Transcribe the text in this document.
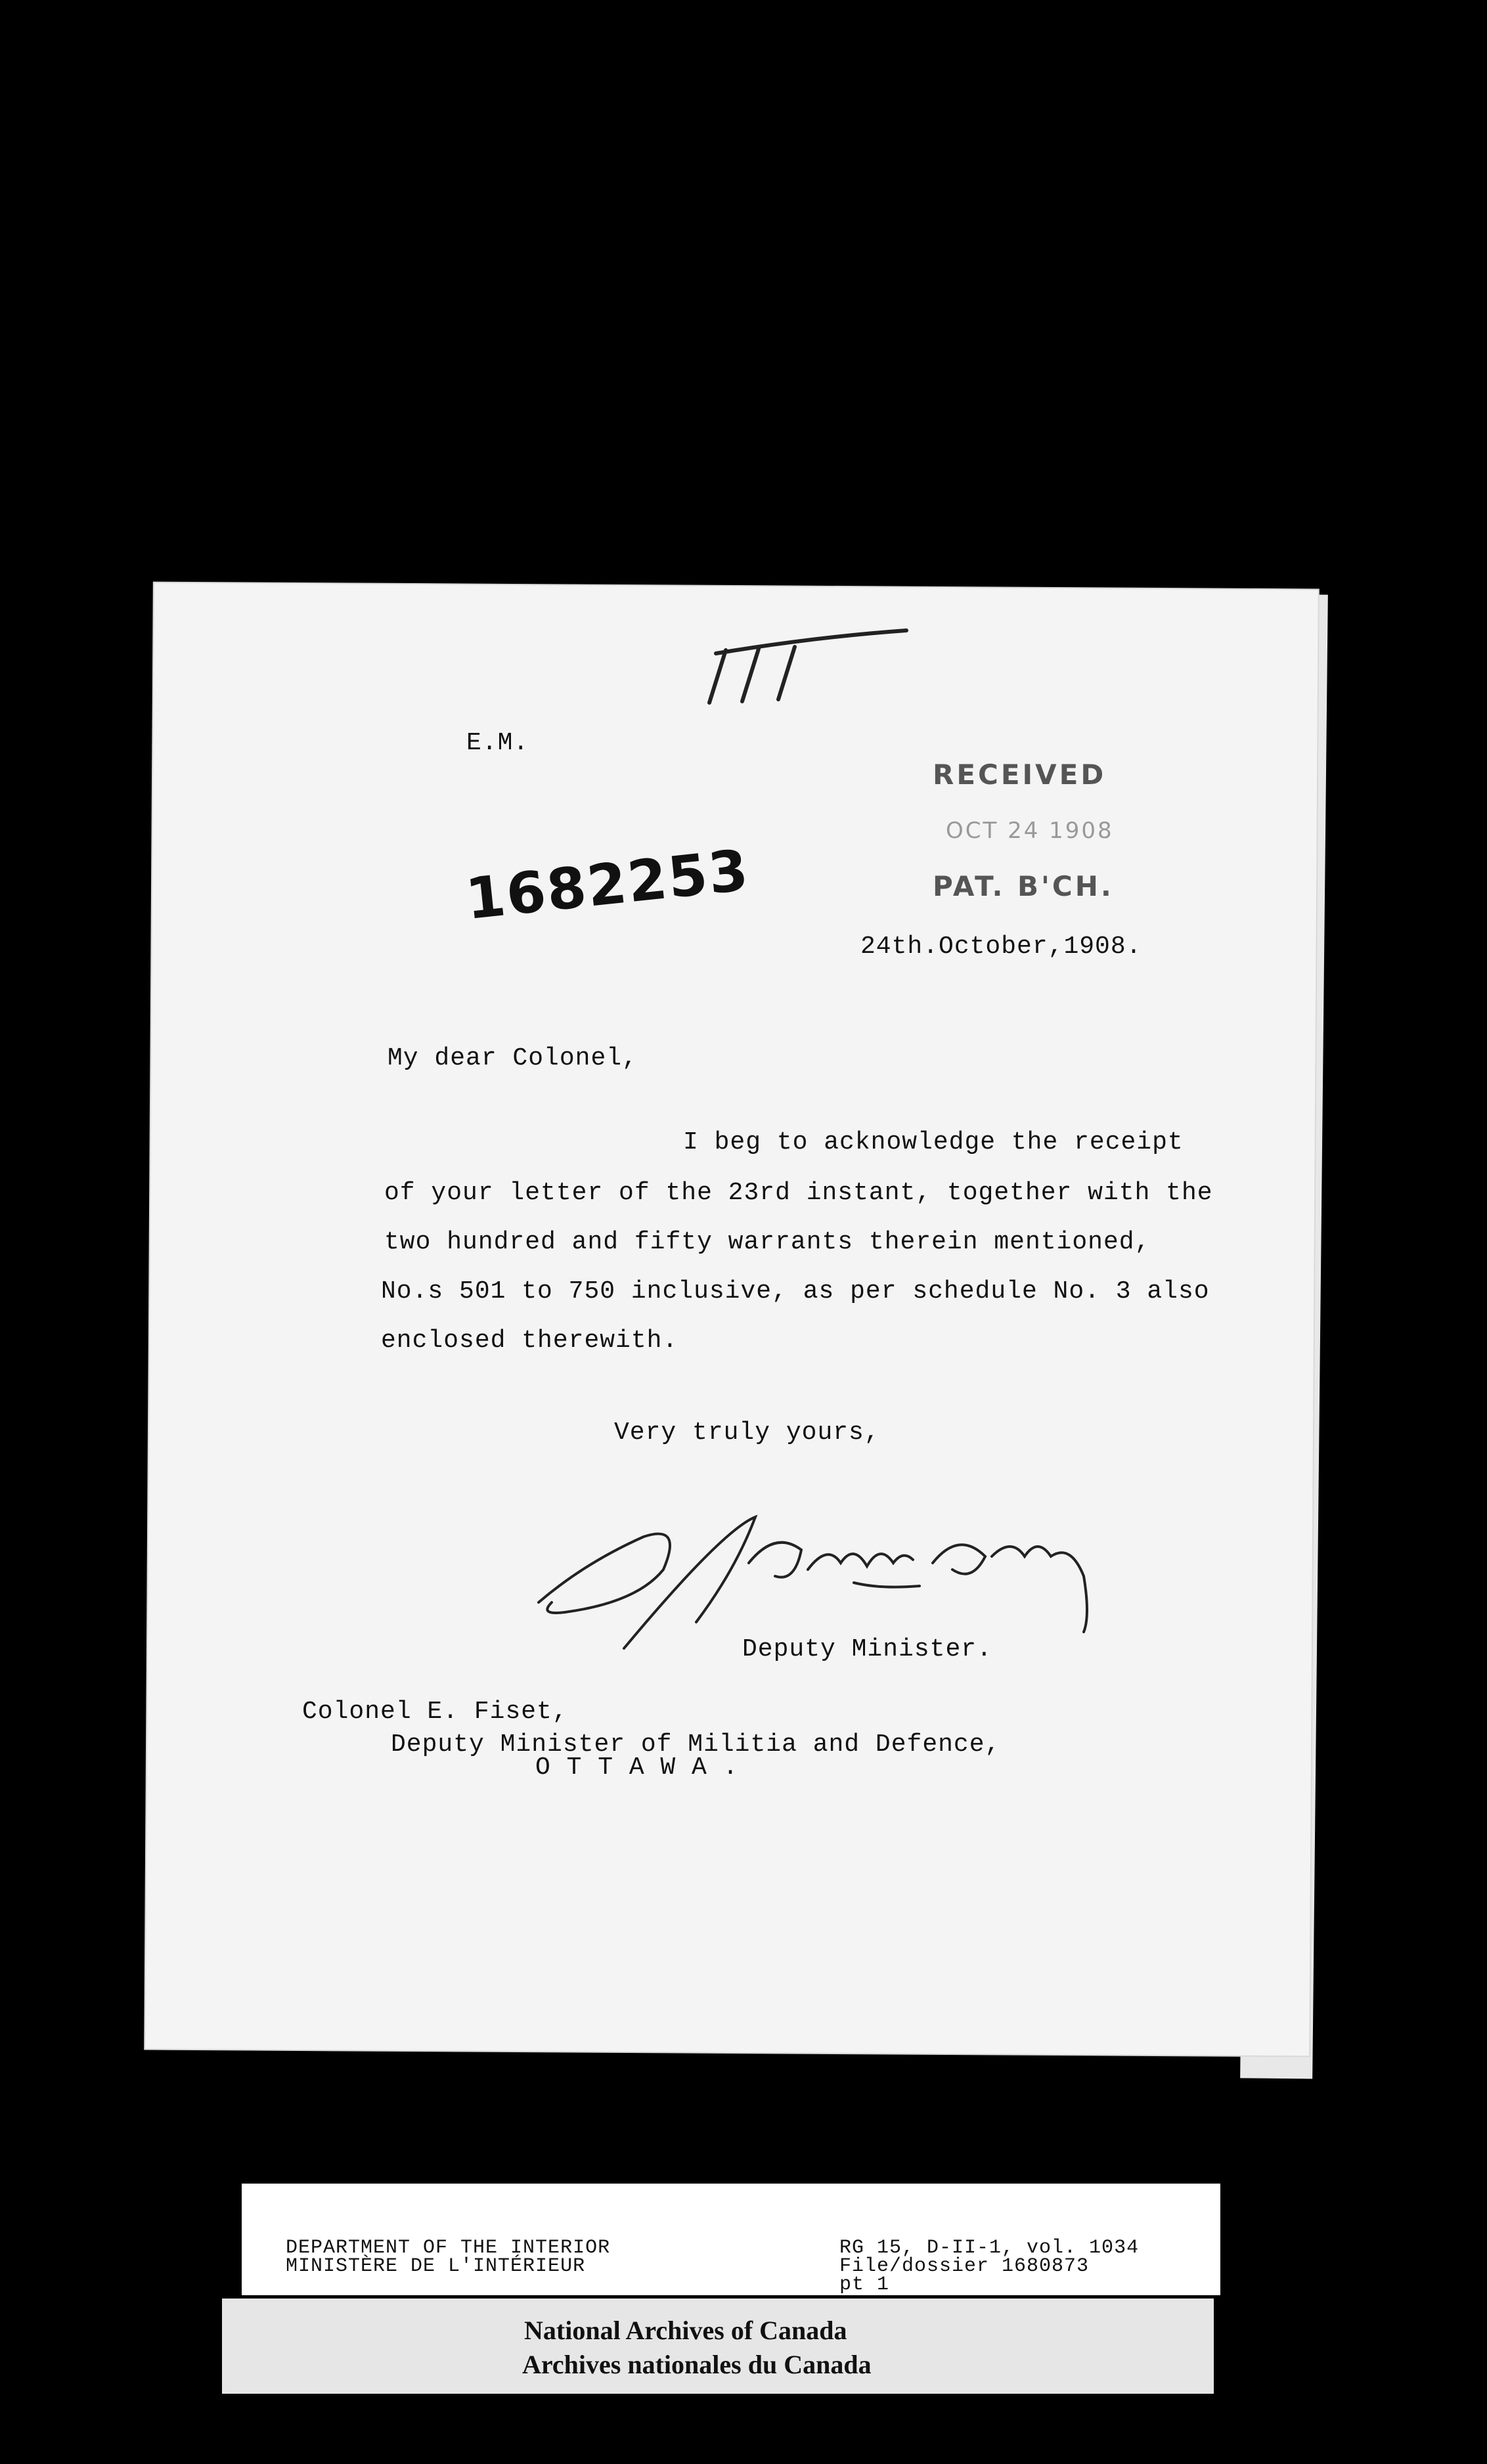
E.M.
1682253
RECEIVED
OCT 24 1908
PAT. B'CH.
24th.October,1908.
My dear Colonel,
I beg to acknowledge the receipt
of your letter of the 23rd instant, together with the
two hundred and fifty warrants therein mentioned,
No.s 501 to 750 inclusive, as per schedule No. 3 also
enclosed therewith.
Very truly yours,
Deputy Minister.
Colonel E. Fiset,
Deputy Minister of Militia and Defence,
O T T A W A .
DEPARTMENT OF THE INTERIOR
MINISTÈRE DE L'INTÉRIEUR
RG 15, D-II-1, vol. 1034
File/dossier 1680873
pt 1
National Archives of Canada
Archives nationales du Canada
